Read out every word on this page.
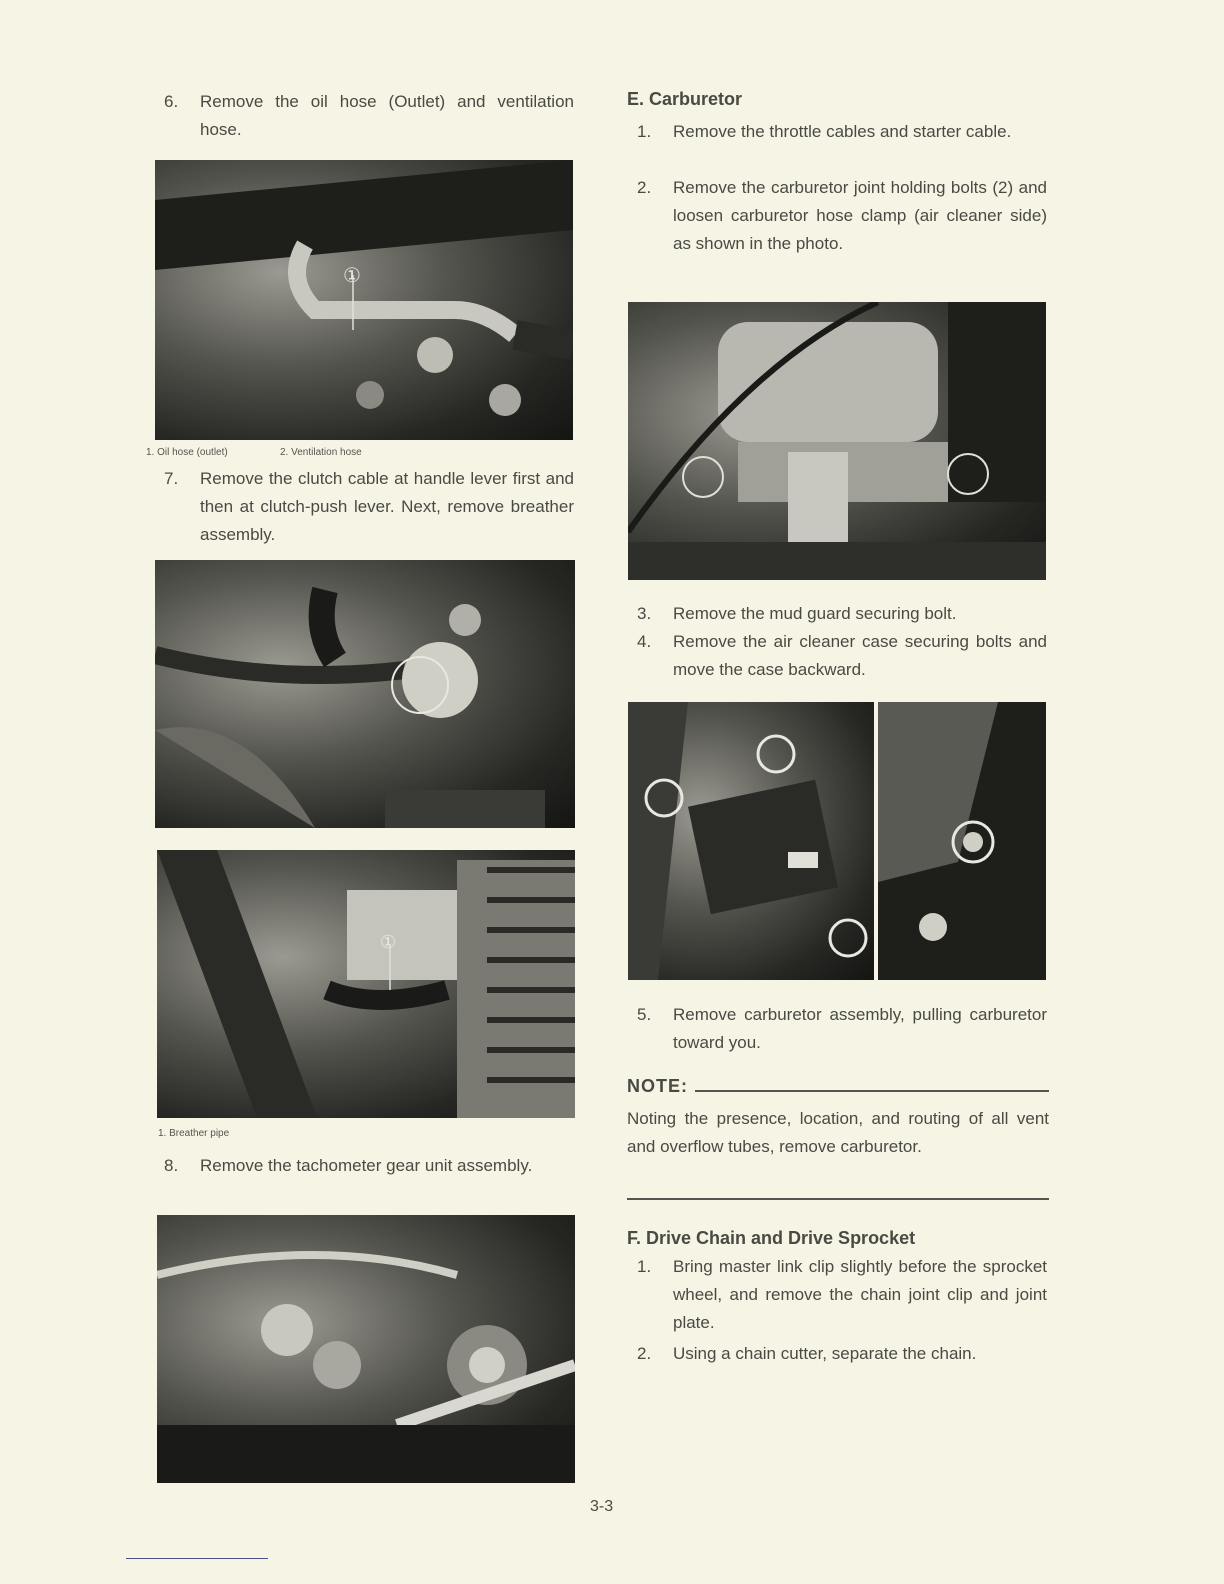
6. Remove the oil hose (Outlet) and ventilation hose.
①
1. Oil hose (outlet)	2. Ventilation hose
7. Remove the clutch cable at handle lever first and then at clutch-push lever. Next, remove breather assembly.
①
1. Breather pipe
8. Remove the tachometer gear unit assembly.
E. Carburetor
1. Remove the throttle cables and starter cable.
2. Remove the carburetor joint holding bolts (2) and loosen carburetor hose clamp (air cleaner side) as shown in the photo.
3. Remove the mud guard securing bolt.
4. Remove the air cleaner case securing bolts and move the case backward.
5. Remove carburetor assembly, pulling carburetor toward you.
NOTE:
Noting the presence, location, and routing of all vent and overflow tubes, remove carburetor.
F. Drive Chain and Drive Sprocket
1. Bring master link clip slightly before the sprocket wheel, and remove the chain joint clip and joint plate.
2. Using a chain cutter, separate the chain.
3-3
